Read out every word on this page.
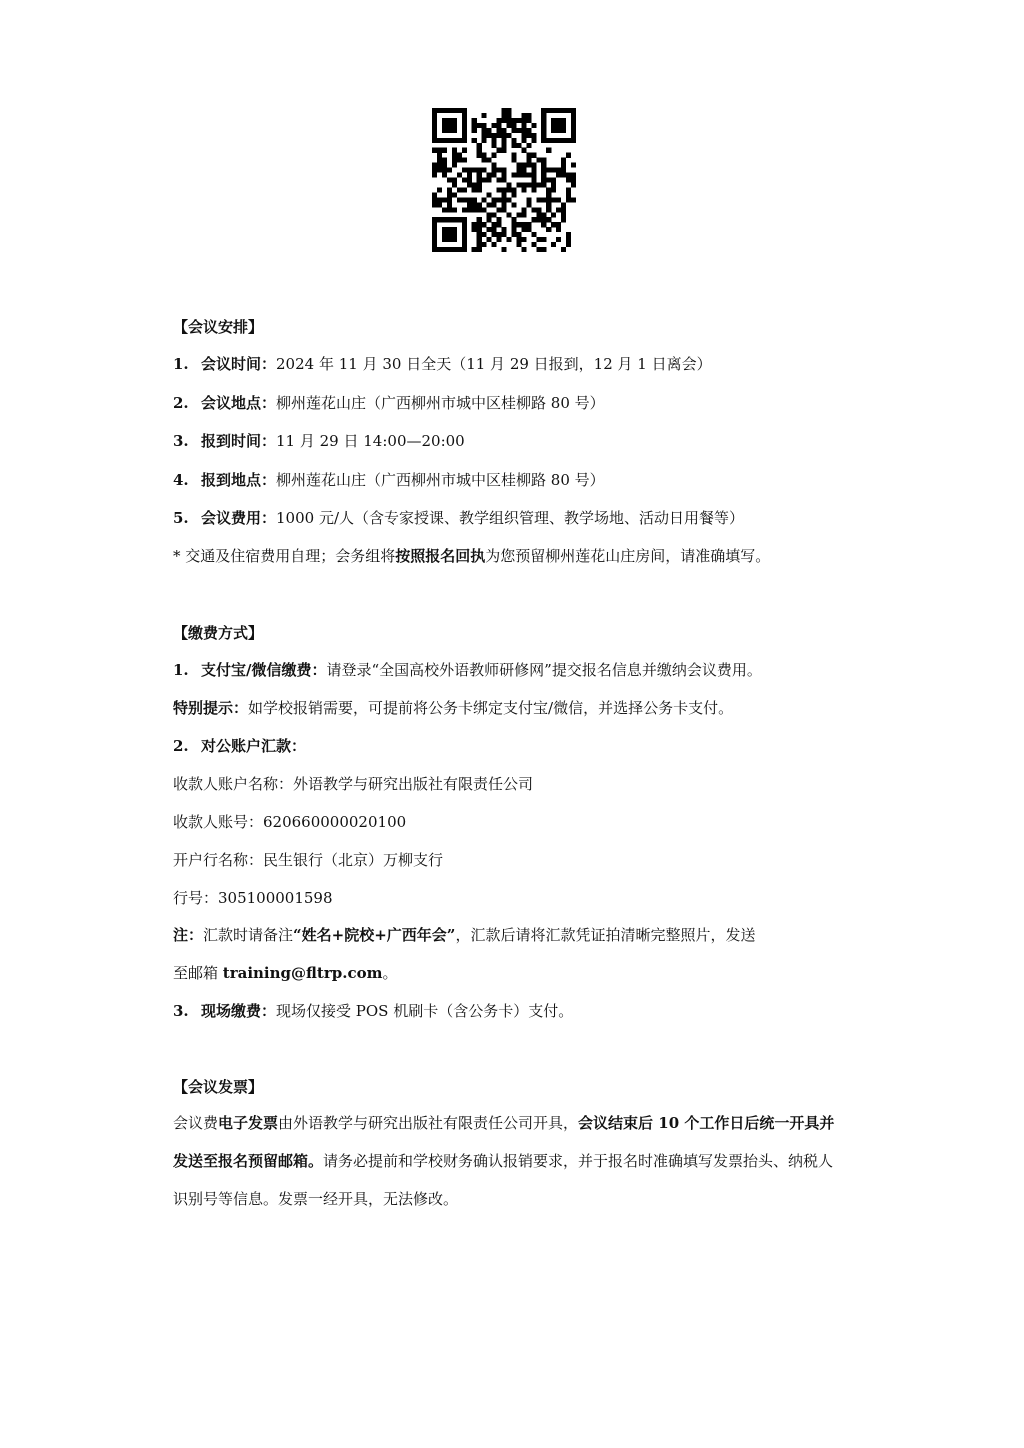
【会议安排】
1. 会议时间：2024 年 11 月 30 日全天（11 月 29 日报到，12 月 1 日离会）
2. 会议地点：柳州莲花山庄（广西柳州市城中区桂柳路 80 号）
3. 报到时间：11 月 29 日 14:00—20:00
4. 报到地点：柳州莲花山庄（广西柳州市城中区桂柳路 80 号）
5. 会议费用：1000 元/人（含专家授课、教学组织管理、教学场地、活动日用餐等）
* 交通及住宿费用自理；会务组将按照报名回执为您预留柳州莲花山庄房间，请准确填写。
【缴费方式】
1. 支付宝/微信缴费：请登录“全国高校外语教师研修网”提交报名信息并缴纳会议费用。
特别提示：如学校报销需要，可提前将公务卡绑定支付宝/微信，并选择公务卡支付。
2. 对公账户汇款：
收款人账户名称：外语教学与研究出版社有限责任公司
收款人账号：620660000020100
开户行名称：民生银行（北京）万柳支行
行号：305100001598
注：汇款时请备注“姓名+院校+广西年会”，汇款后请将汇款凭证拍清晰完整照片，发送
至邮箱 training@fltrp.com。
3. 现场缴费：现场仅接受 POS 机刷卡（含公务卡）支付。
【会议发票】
会议费电子发票由外语教学与研究出版社有限责任公司开具，会议结束后 10 个工作日后统一开具并发送至报名预留邮箱。请务必提前和学校财务确认报销要求，并于报名时准确填写发票抬头、纳税人识别号等信息。发票一经开具，无法修改。
